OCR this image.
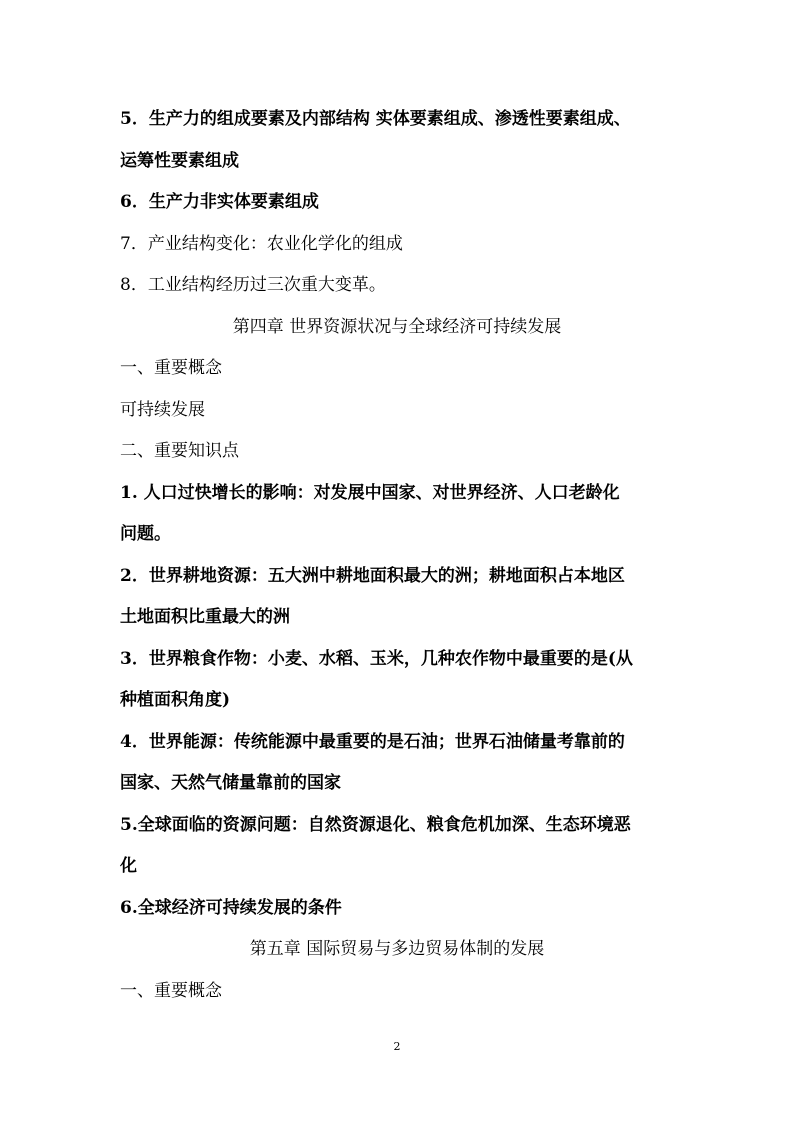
5．生产力的组成要素及内部结构 实体要素组成、渗透性要素组成、
运筹性要素组成
6．生产力非实体要素组成
7．产业结构变化：农业化学化的组成
8．工业结构经历过三次重大变革。
第四章 世界资源状况与全球经济可持续发展
一、重要概念
可持续发展
二、重要知识点
1. 人口过快增长的影响：对发展中国家、对世界经济、人口老龄化
问题。
2．世界耕地资源：五大洲中耕地面积最大的洲；耕地面积占本地区
土地面积比重最大的洲
3．世界粮食作物：小麦、水稻、玉米，几种农作物中最重要的是(从
种植面积角度)
4．世界能源：传统能源中最重要的是石油；世界石油储量考靠前的
国家、天然气储量靠前的国家
5.全球面临的资源问题：自然资源退化、粮食危机加深、生态环境恶
化
6.全球经济可持续发展的条件
第五章 国际贸易与多边贸易体制的发展
一、重要概念
2
